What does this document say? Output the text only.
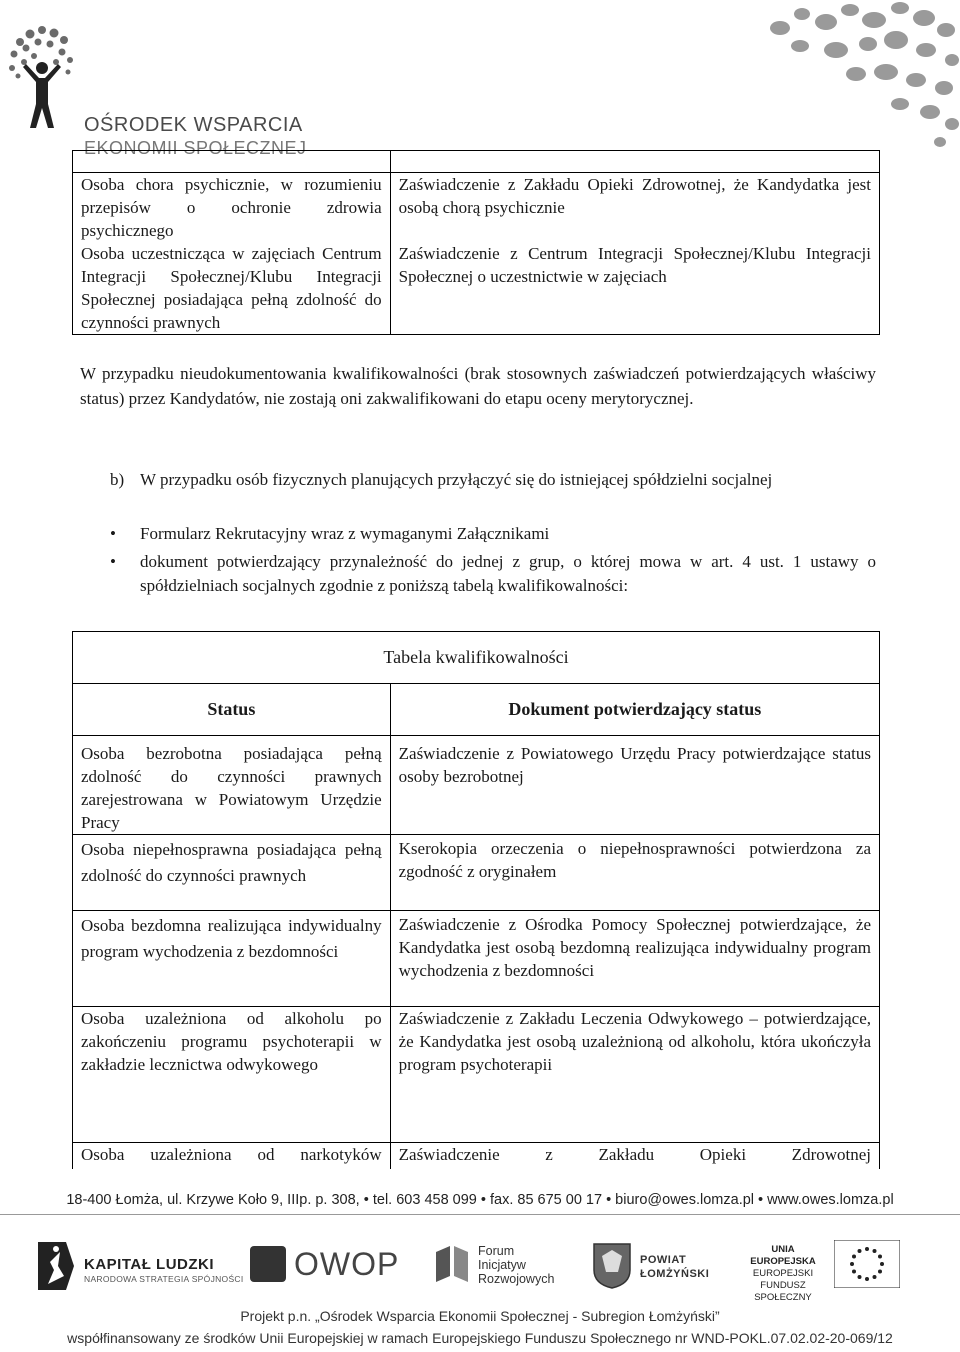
OŚRODEK WSPARCIA
EKONOMII SPOŁECZNEJ

Osoba chora psychicznie, w rozumieniu przepisów o ochronie zdrowia psychicznego	Zaświadczenie z Zakładu Opieki Zdrowotnej, że Kandydatka jest osobą chorą psychicznie
Osoba uczestnicząca w zajęciach Centrum Integracji Społecznej/Klubu Integracji Społecznej posiadająca pełną zdolność do czynności prawnych	Zaświadczenie z Centrum Integracji Społecznej/Klubu Integracji Społecznej o uczestnictwie w zajęciach
W przypadku nieudokumentowania kwalifikowalności (brak stosownych zaświadczeń potwierdzających właściwy status) przez Kandydatów, nie zostają oni zakwalifikowani do etapu oceny merytorycznej.
b) W przypadku osób fizycznych planujących przyłączyć się do istniejącej spółdzielni socjalnej
•	Formularz Rekrutacyjny wraz z wymaganymi Załącznikami
•	dokument potwierdzający przynależność do jednej z grup, o której mowa w art. 4 ust. 1 ustawy o spółdzielniach socjalnych zgodnie z poniższą tabelą kwalifikowalności:
Tabela kwalifikowalności	
Status	Dokument potwierdzający status
Osoba bezrobotna posiadająca pełną zdolność do czynności prawnych zarejestrowana w Powiatowym Urzędzie Pracy	Zaświadczenie z Powiatowego Urzędu Pracy potwierdzające status osoby bezrobotnej
Osoba niepełnosprawna posiadająca pełną zdolność do czynności prawnych	Kserokopia orzeczenia o niepełnosprawności potwierdzona za zgodność z oryginałem
Osoba bezdomna realizująca indywidualny program wychodzenia z bezdomności	Zaświadczenie z Ośrodka Pomocy Społecznej potwierdzające, że Kandydatka jest osobą bezdomną realizująca indywidualny program wychodzenia z bezdomności
Osoba uzależniona od alkoholu po zakończeniu programu psychoterapii w zakładzie lecznictwa odwykowego	Zaświadczenie z Zakładu Leczenia Odwykowego – potwierdzające, że Kandydatka jest osobą uzależnioną od alkoholu, która ukończyła program psychoterapii
Osoba uzależniona od narkotyków	Zaświadczenie z Zakładu Opieki Zdrowotnej
18-400 Łomża, ul. Krzywe Koło 9, IIIp. p. 308, • tel. 603 458 099 • fax. 85 675 00 17 • biuro@owes.lomza.pl • www.owes.lomza.pl
KAPITAŁ LUDZKI
NARODOWA STRATEGIA SPÓJNOŚCI OWOP	Forum
Inicjatyw
Rozwojowych
POWIAT
ŁOMŻYŃSKI
UNIA EUROPEJSKA
EUROPEJSKI
FUNDUSZ SPOŁECZNY
Projekt p.n. „Ośrodek Wsparcia Ekonomii Społecznej - Subregion Łomżyński”
współfinansowany ze środków Unii Europejskiej w ramach Europejskiego Funduszu Społecznego nr WND-POKL.07.02.02-20-069/12
